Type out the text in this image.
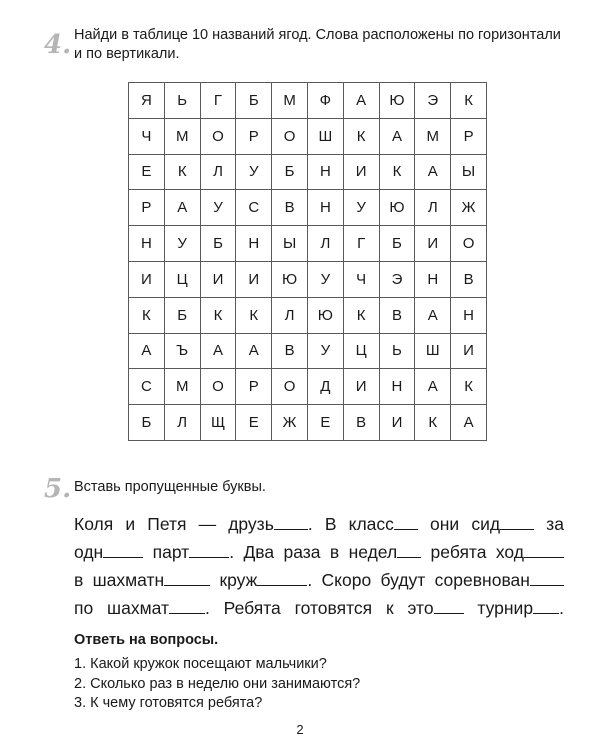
4. Найди в таблице 10 названий ягод. Слова расположены по горизонтали
и по вертикали.
Я	Ь	Г	Б	М	Ф	А	Ю	Э	К
Ч	М	О	Р	О	Ш	К	А	М	Р
Е	К	Л	У	Б	Н	И	К	А	Ы
Р	А	У	С	В	Н	У	Ю	Л	Ж
Н	У	Б	Н	Ы	Л	Г	Б	И	О
И	Ц	И	И	Ю	У	Ч	Э	Н	В
К	Б	К	К	Л	Ю	К	В	А	Н
А	Ъ	А	А	В	У	Ц	Ь	Ш	И
С	М	О	Р	О	Д	И	Н	А	К
Б	Л	Щ	Е	Ж	Е	В	И	К	А
5. Вставь пропущенные буквы.
Коля и Петя — друзь . В класс	они сид	за
одн	парт . Два раза в недел	ребята ход
в шахматн	круж	. Скоро будут соревнован
по шахмат . Ребята готовятся к это	турнир .
Ответь на вопросы.
1. Какой кружок посещают мальчики?
2. Сколько раз в неделю они занимаются?
3. К чему готовятся ребята?
2
